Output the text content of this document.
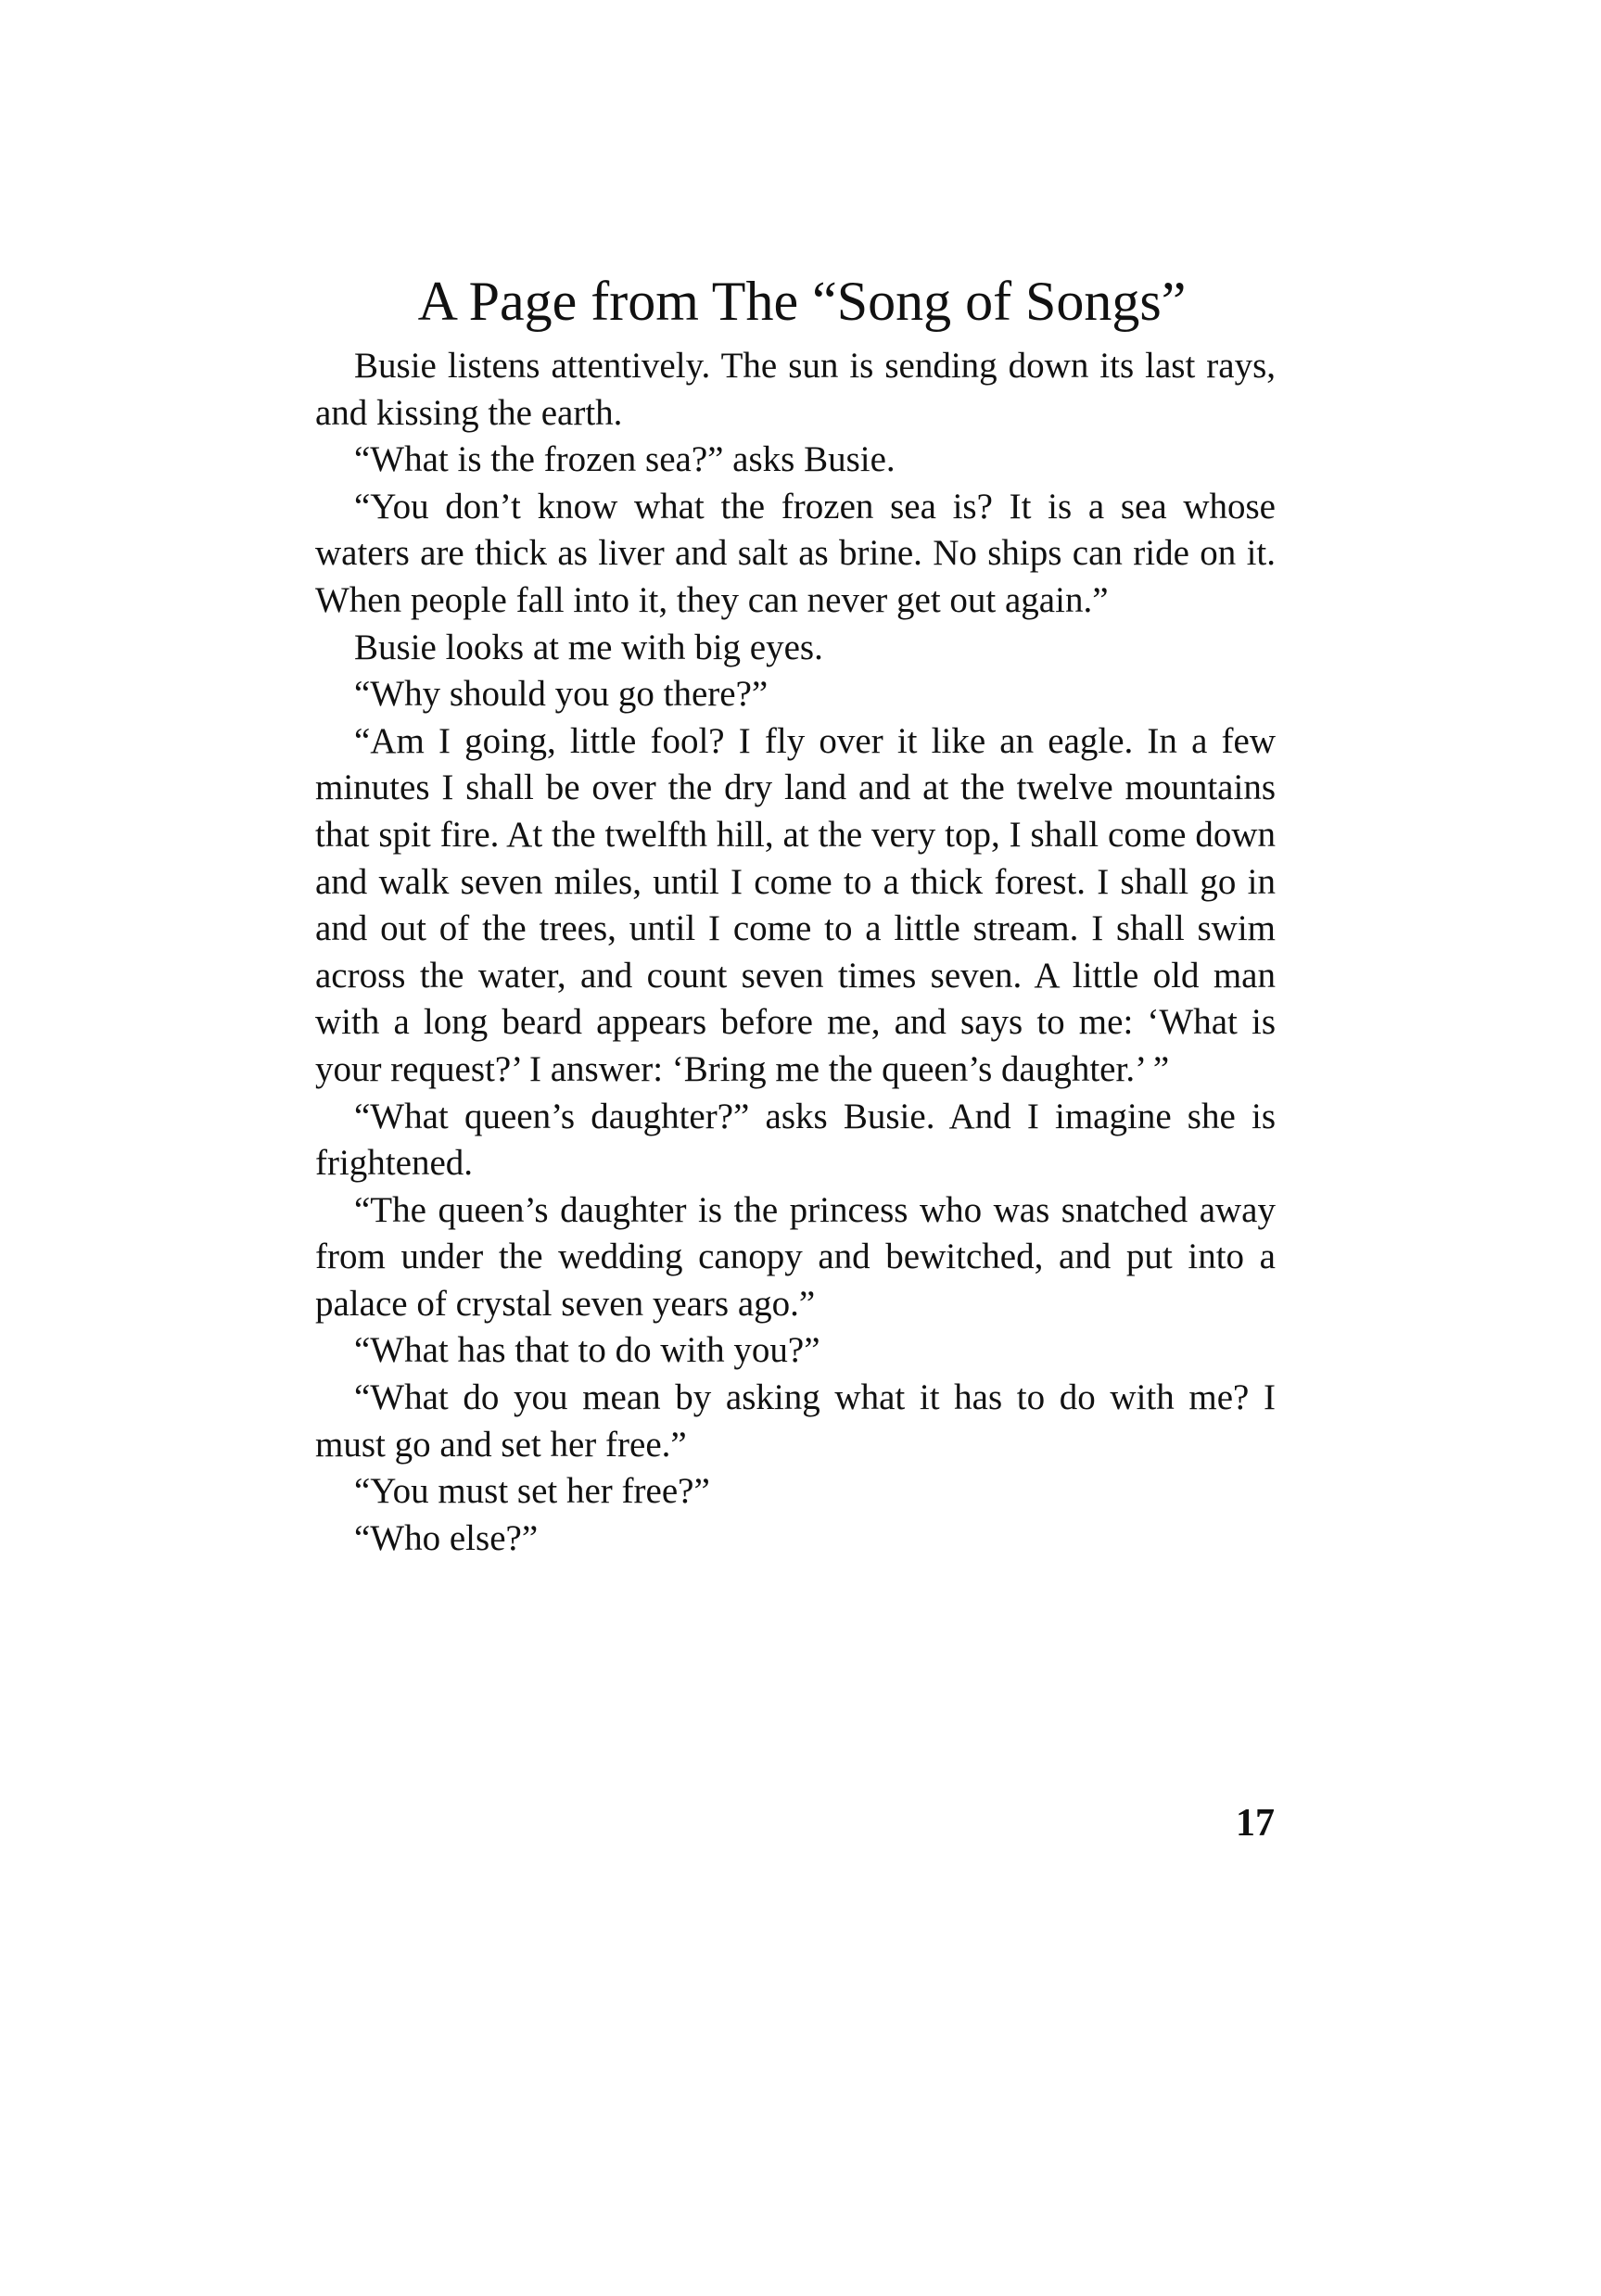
A Page from The “Song of Songs”

Busie listens attentively. The sun is sending down its last rays, and kissing the earth.

“What is the frozen sea?” asks Busie.

“You don’t know what the frozen sea is? It is a sea whose waters are thick as liver and salt as brine. No ships can ride on it. When people fall into it, they can never get out again.”

Busie looks at me with big eyes.

“Why should you go there?”

“Am I going, little fool? I fly over it like an eagle. In a few minutes I shall be over the dry land and at the twelve mountains that spit fire. At the twelfth hill, at the very top, I shall come down and walk seven miles, until I come to a thick forest. I shall go in and out of the trees, until I come to a little stream. I shall swim across the water, and count seven times seven. A little old man with a long beard appears before me, and says to me: ‘What is your request?’ I answer: ‘Bring me the queen’s daughter.’ ”

“What queen’s daughter?” asks Busie. And I imagine she is frightened.

“The queen’s daughter is the princess who was snatched away from under the wedding canopy and bewitched, and put into a palace of crystal seven years ago.”

“What has that to do with you?”

“What do you mean by asking what it has to do with me? I must go and set her free.”

“You must set her free?”

“Who else?”

17
